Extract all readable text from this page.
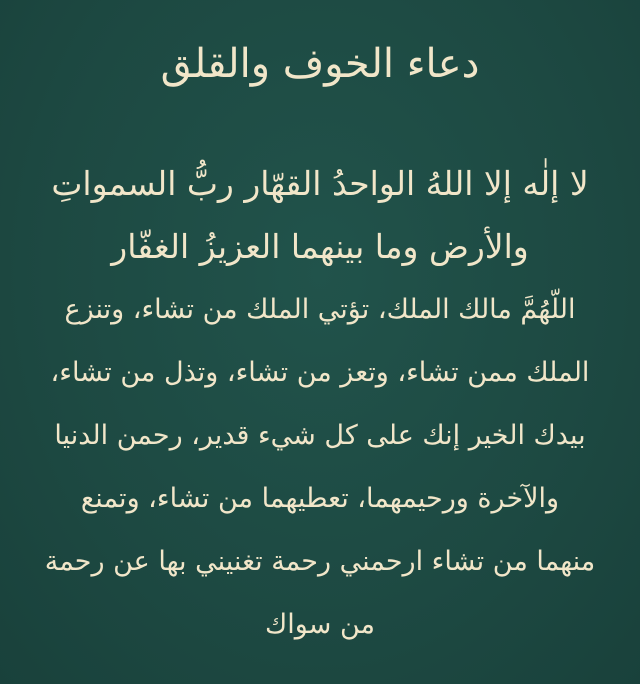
دعاء الخوف والقلق
لا إلٰه إلا اللهُ الواحدُ القهّار ربُّ السمواتِ
والأرض وما بينهما العزيزُ الغفّار
اللّهُمَّ مالك الملك، تؤتي الملك من تشاء، وتنزع
الملك ممن تشاء، وتعز من تشاء، وتذل من تشاء،
بيدك الخير إنك على كل شيء قدير، رحمن الدنيا
والآخرة ورحيمهما، تعطيهما من تشاء، وتمنع
منهما من تشاء ارحمني رحمة تغنيني بها عن رحمة
من سواك
